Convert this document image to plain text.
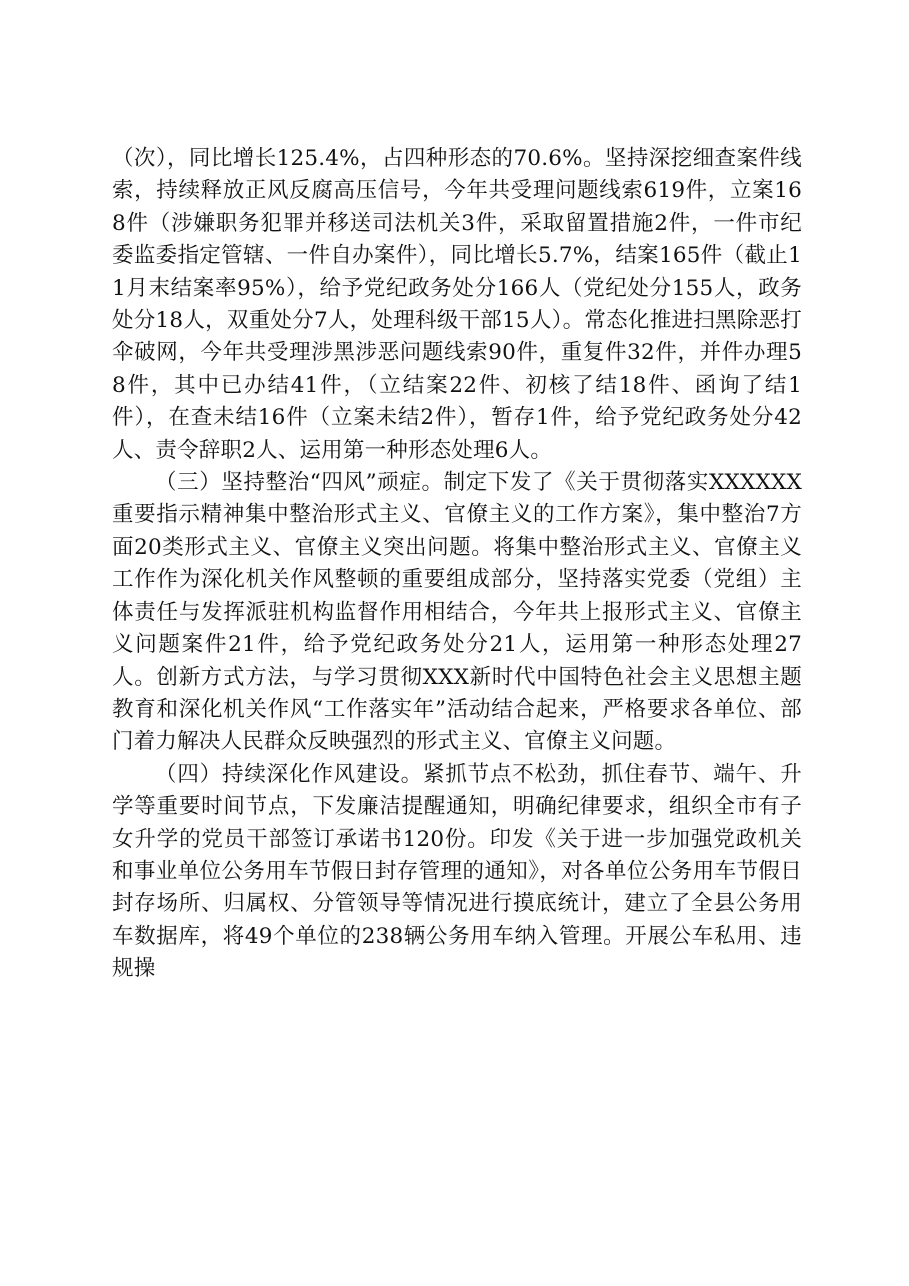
（次），同比增长125.4%，占四种形态的70.6%。坚持深挖细查案件线索，持续释放正风反腐高压信号，今年共受理问题线索619件，立案168件（涉嫌职务犯罪并移送司法机关3件，采取留置措施2件，一件市纪委监委指定管辖、一件自办案件），同比增长5.7%，结案165件（截止11月末结案率95%），给予党纪政务处分166人（党纪处分155人，政务处分18人，双重处分7人，处理科级干部15人）。常态化推进扫黑除恶打伞破网，今年共受理涉黑涉恶问题线索90件，重复件32件，并件办理58件，其中已办结41件，（立结案22件、初核了结18件、函询了结1件），在查未结16件（立案未结2件），暂存1件，给予党纪政务处分42人、责令辞职2人、运用第一种形态处理6人。

（三）坚持整治“四风”顽症。制定下发了《关于贯彻落实XXXXXX重要指示精神集中整治形式主义、官僚主义的工作方案》，集中整治7方面20类形式主义、官僚主义突出问题。将集中整治形式主义、官僚主义工作作为深化机关作风整顿的重要组成部分，坚持落实党委（党组）主体责任与发挥派驻机构监督作用相结合，今年共上报形式主义、官僚主义问题案件21件，给予党纪政务处分21人，运用第一种形态处理27人。创新方式方法，与学习贯彻XXX新时代中国特色社会主义思想主题教育和深化机关作风“工作落实年”活动结合起来，严格要求各单位、部门着力解决人民群众反映强烈的形式主义、官僚主义问题。

（四）持续深化作风建设。紧抓节点不松劲，抓住春节、端午、升学等重要时间节点，下发廉洁提醒通知，明确纪律要求，组织全市有子女升学的党员干部签订承诺书120份。印发《关于进一步加强党政机关和事业单位公务用车节假日封存管理的通知》，对各单位公务用车节假日封存场所、归属权、分管领导等情况进行摸底统计，建立了全县公务用车数据库，将49个单位的238辆公务用车纳入管理。开展公车私用、违规操
